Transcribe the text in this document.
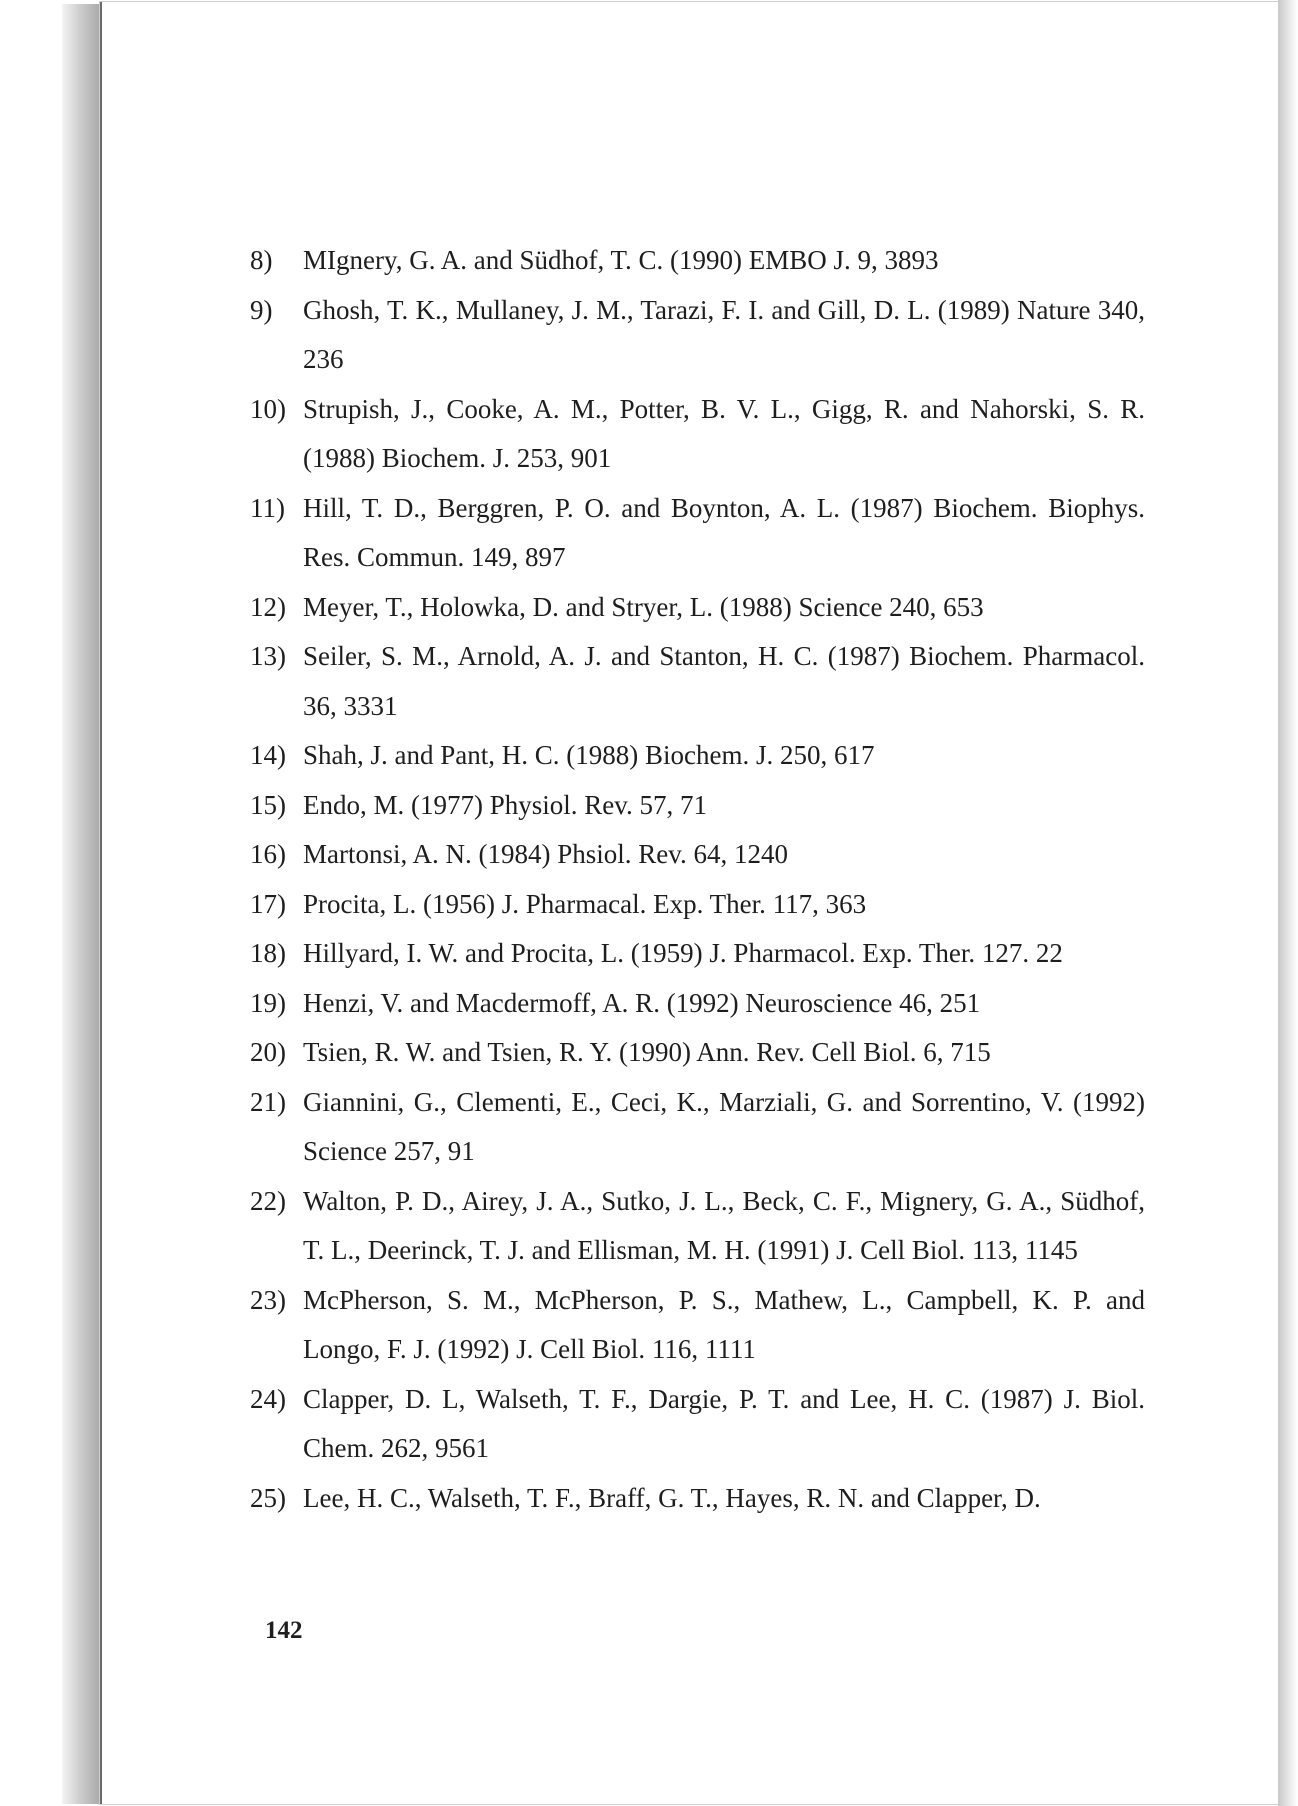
8)	MIgnery, G. A. and Südhof, T. C. (1990) EMBO J. 9, 3893
9)	Ghosh, T. K., Mullaney, J. M., Tarazi, F. I. and Gill, D. L. (1989) Nature 340, 236
10) Strupish, J., Cooke, A. M., Potter, B. V. L., Gigg, R. and Nahorski, S. R. (1988) Biochem. J. 253, 901
11) Hill, T. D., Berggren, P. O. and Boynton, A. L. (1987) Biochem. Biophys. Res. Commun. 149, 897
12) Meyer, T., Holowka, D. and Stryer, L. (1988) Science 240, 653
13) Seiler, S. M., Arnold, A. J. and Stanton, H. C. (1987) Biochem. Pharmacol. 36, 3331
14) Shah, J. and Pant, H. C. (1988) Biochem. J. 250, 617
15) Endo, M. (1977) Physiol. Rev. 57, 71
16) Martonsi, A. N. (1984) Phsiol. Rev. 64, 1240
17) Procita, L. (1956) J. Pharmacal. Exp. Ther. 117, 363
18) Hillyard, I. W. and Procita, L. (1959) J. Pharmacol. Exp. Ther. 127. 22
19) Henzi, V. and Macdermoff, A. R. (1992) Neuroscience 46, 251
20) Tsien, R. W. and Tsien, R. Y. (1990) Ann. Rev. Cell Biol. 6, 715
21) Giannini, G., Clementi, E., Ceci, K., Marziali, G. and Sorrentino, V. (1992) Science 257, 91
22) Walton, P. D., Airey, J. A., Sutko, J. L., Beck, C. F., Mignery, G. A., Südhof, T. L., Deerinck, T. J. and Ellisman, M. H. (1991) J. Cell Biol. 113, 1145
23) McPherson, S. M., McPherson, P. S., Mathew, L., Campbell, K. P. and Longo, F. J. (1992) J. Cell Biol. 116, 1111
24) Clapper, D. L, Walseth, T. F., Dargie, P. T. and Lee, H. C. (1987) J. Biol. Chem. 262, 9561
25) Lee, H. C., Walseth, T. F., Braff, G. T., Hayes, R. N. and Clapper, D.
142
